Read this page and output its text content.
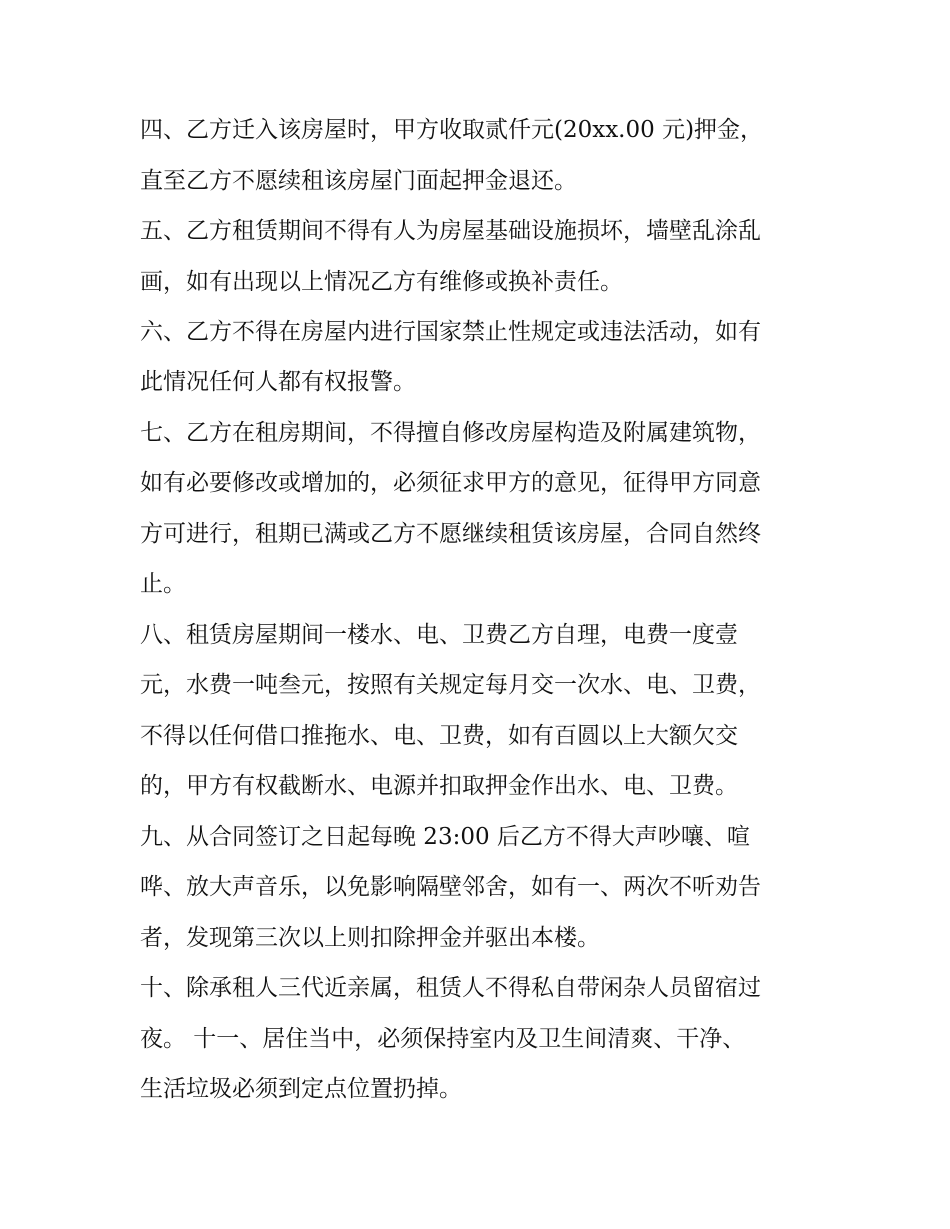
四、乙方迁入该房屋时，甲方收取贰仟元(20xx.00 元)押金，
直至乙方不愿续租该房屋门面起押金退还。
五、乙方租赁期间不得有人为房屋基础设施损坏，墙壁乱涂乱
画，如有出现以上情况乙方有维修或换补责任。
六、乙方不得在房屋内进行国家禁止性规定或违法活动，如有
此情况任何人都有权报警。
七、乙方在租房期间，不得擅自修改房屋构造及附属建筑物，
如有必要修改或增加的，必须征求甲方的意见，征得甲方同意
方可进行，租期已满或乙方不愿继续租赁该房屋，合同自然终
止。
八、租赁房屋期间一楼水、电、卫费乙方自理，电费一度壹
元，水费一吨叁元，按照有关规定每月交一次水、电、卫费，
不得以任何借口推拖水、电、卫费，如有百圆以上大额欠交
的，甲方有权截断水、电源并扣取押金作出水、电、卫费。
九、从合同签订之日起每晚 23:00 后乙方不得大声吵嚷、喧
哗、放大声音乐，以免影响隔壁邻舍，如有一、两次不听劝告
者，发现第三次以上则扣除押金并驱出本楼。
十、除承租人三代近亲属，租赁人不得私自带闲杂人员留宿过
夜。 十一、居住当中，必须保持室内及卫生间清爽、干净、
生活垃圾必须到定点位置扔掉。
